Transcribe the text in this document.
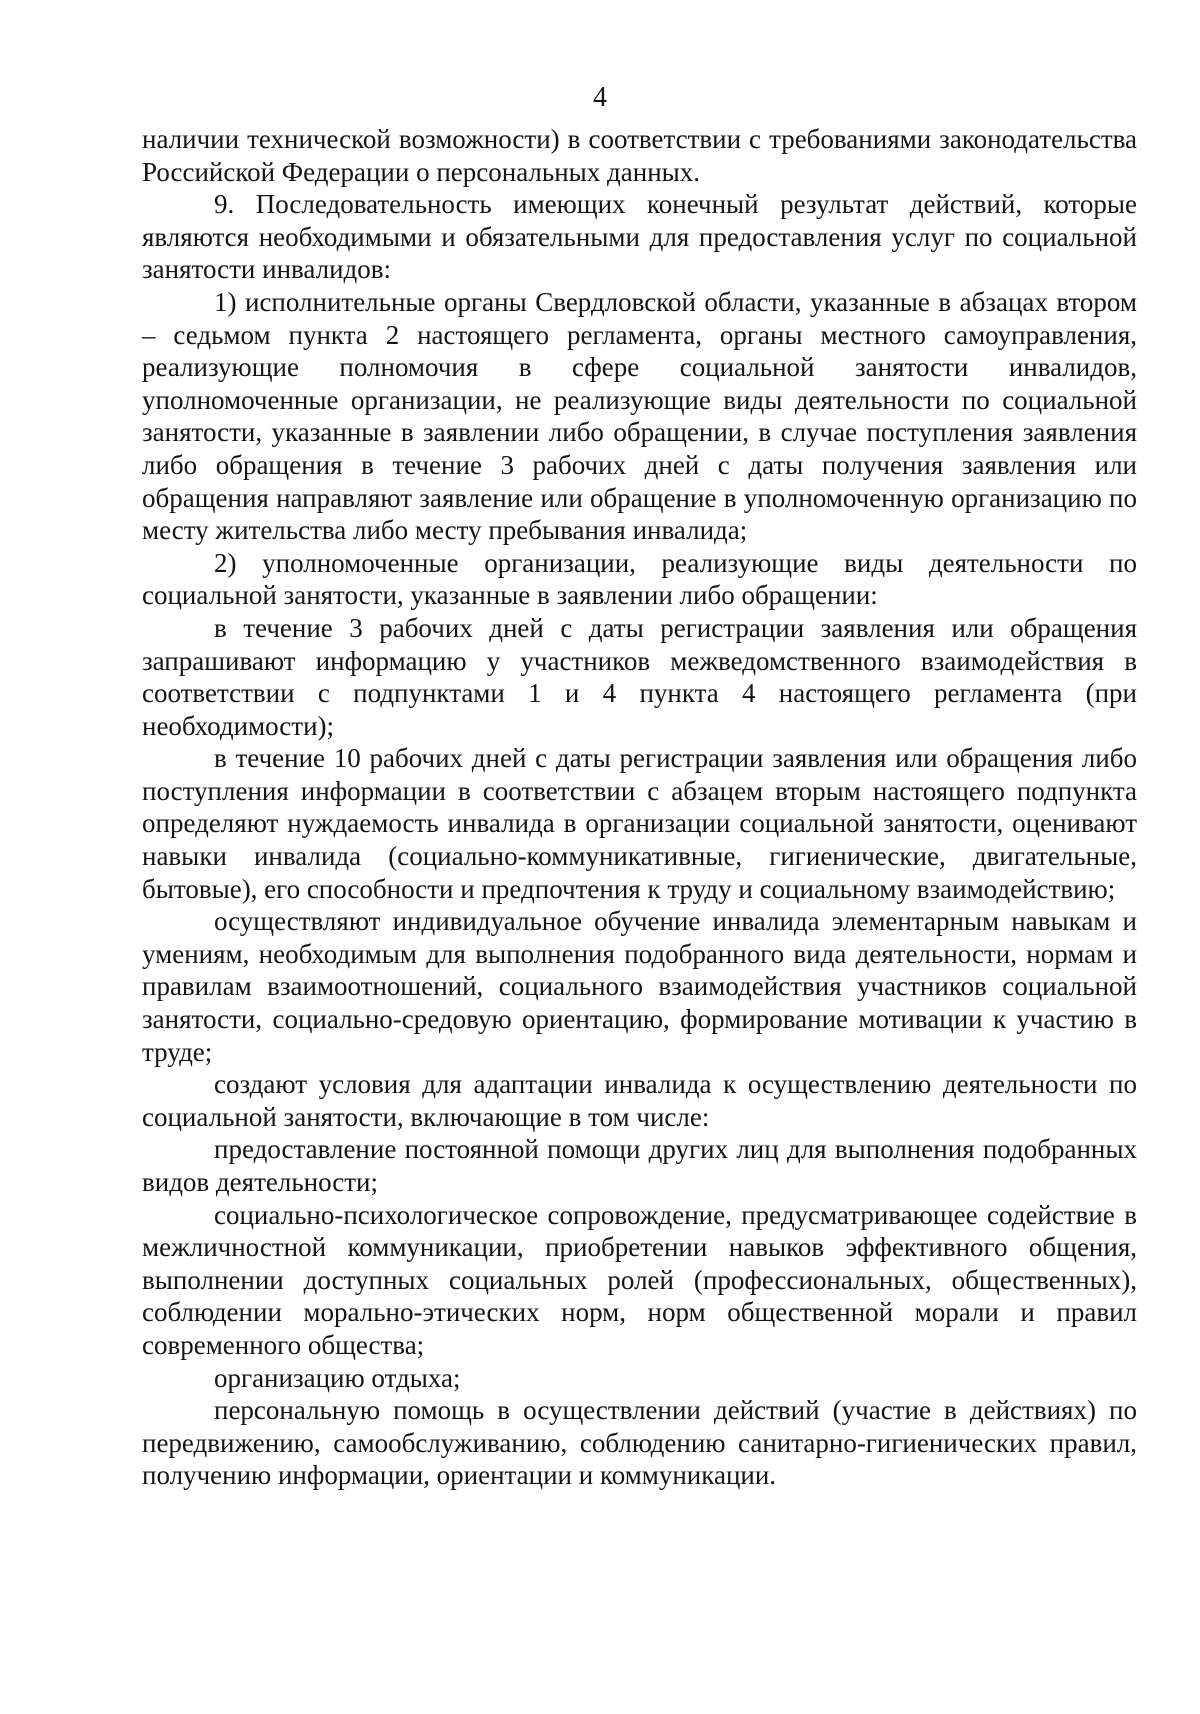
4

наличии технической возможности) в соответствии с требованиями законодательства Российской Федерации о персональных данных.

9. Последовательность имеющих конечный результат действий, которые являются необходимыми и обязательными для предоставления услуг по социальной занятости инвалидов:

1) исполнительные органы Свердловской области, указанные в абзацах втором – седьмом пункта 2 настоящего регламента, органы местного самоуправления, реализующие полномочия в сфере социальной занятости инвалидов, уполномоченные организации, не реализующие виды деятельности по социальной занятости, указанные в заявлении либо обращении, в случае поступления заявления либо обращения в течение 3 рабочих дней с даты получения заявления или обращения направляют заявление или обращение в уполномоченную организацию по месту жительства либо месту пребывания инвалида;

2) уполномоченные организации, реализующие виды деятельности по социальной занятости, указанные в заявлении либо обращении:

в течение 3 рабочих дней с даты регистрации заявления или обращения запрашивают информацию у участников межведомственного взаимодействия в соответствии с подпунктами 1 и 4 пункта 4 настоящего регламента (при необходимости);

в течение 10 рабочих дней с даты регистрации заявления или обращения либо поступления информации в соответствии с абзацем вторым настоящего подпункта определяют нуждаемость инвалида в организации социальной занятости, оценивают навыки инвалида (социально-коммуникативные, гигиенические, двигательные, бытовые), его способности и предпочтения к труду и социальному взаимодействию;

осуществляют индивидуальное обучение инвалида элементарным навыкам и умениям, необходимым для выполнения подобранного вида деятельности, нормам и правилам взаимоотношений, социального взаимодействия участников социальной занятости, социально-средовую ориентацию, формирование мотивации к участию в труде;

создают условия для адаптации инвалида к осуществлению деятельности по социальной занятости, включающие в том числе:

предоставление постоянной помощи других лиц для выполнения подобранных видов деятельности;

социально-психологическое сопровождение, предусматривающее содействие в межличностной коммуникации, приобретении навыков эффективного общения, выполнении доступных социальных ролей (профессиональных, общественных), соблюдении морально-этических норм, норм общественной морали и правил современного общества;

организацию отдыха;

персональную помощь в осуществлении действий (участие в действиях) по передвижению, самообслуживанию, соблюдению санитарно-гигиенических правил, получению информации, ориентации и коммуникации.
